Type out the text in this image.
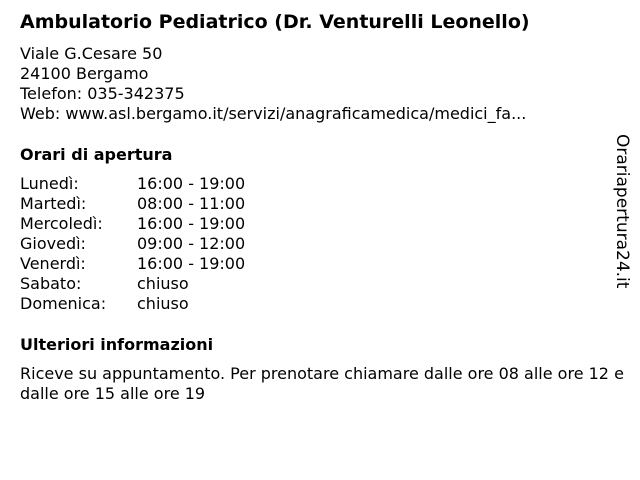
Ambulatorio Pediatrico (Dr. Venturelli Leonello)
Viale G.Cesare 50
24100 Bergamo
Telefon: 035-342375
Web: www.asl.bergamo.it/servizi/anagraficamedica/medici_fa...
Orari di apertura
Lunedì:	16:00 - 19:00
Martedì:	08:00 - 11:00
Mercoledì:	16:00 - 19:00
Giovedì:	09:00 - 12:00
Venerdì:	16:00 - 19:00
Sabato:	chiuso
Domenica:	chiuso
Ulteriori informazioni
Riceve su appuntamento. Per prenotare chiamare dalle ore 08 alle ore 12 e dalle ore 15 alle ore 19
Orariaperturа24.it
